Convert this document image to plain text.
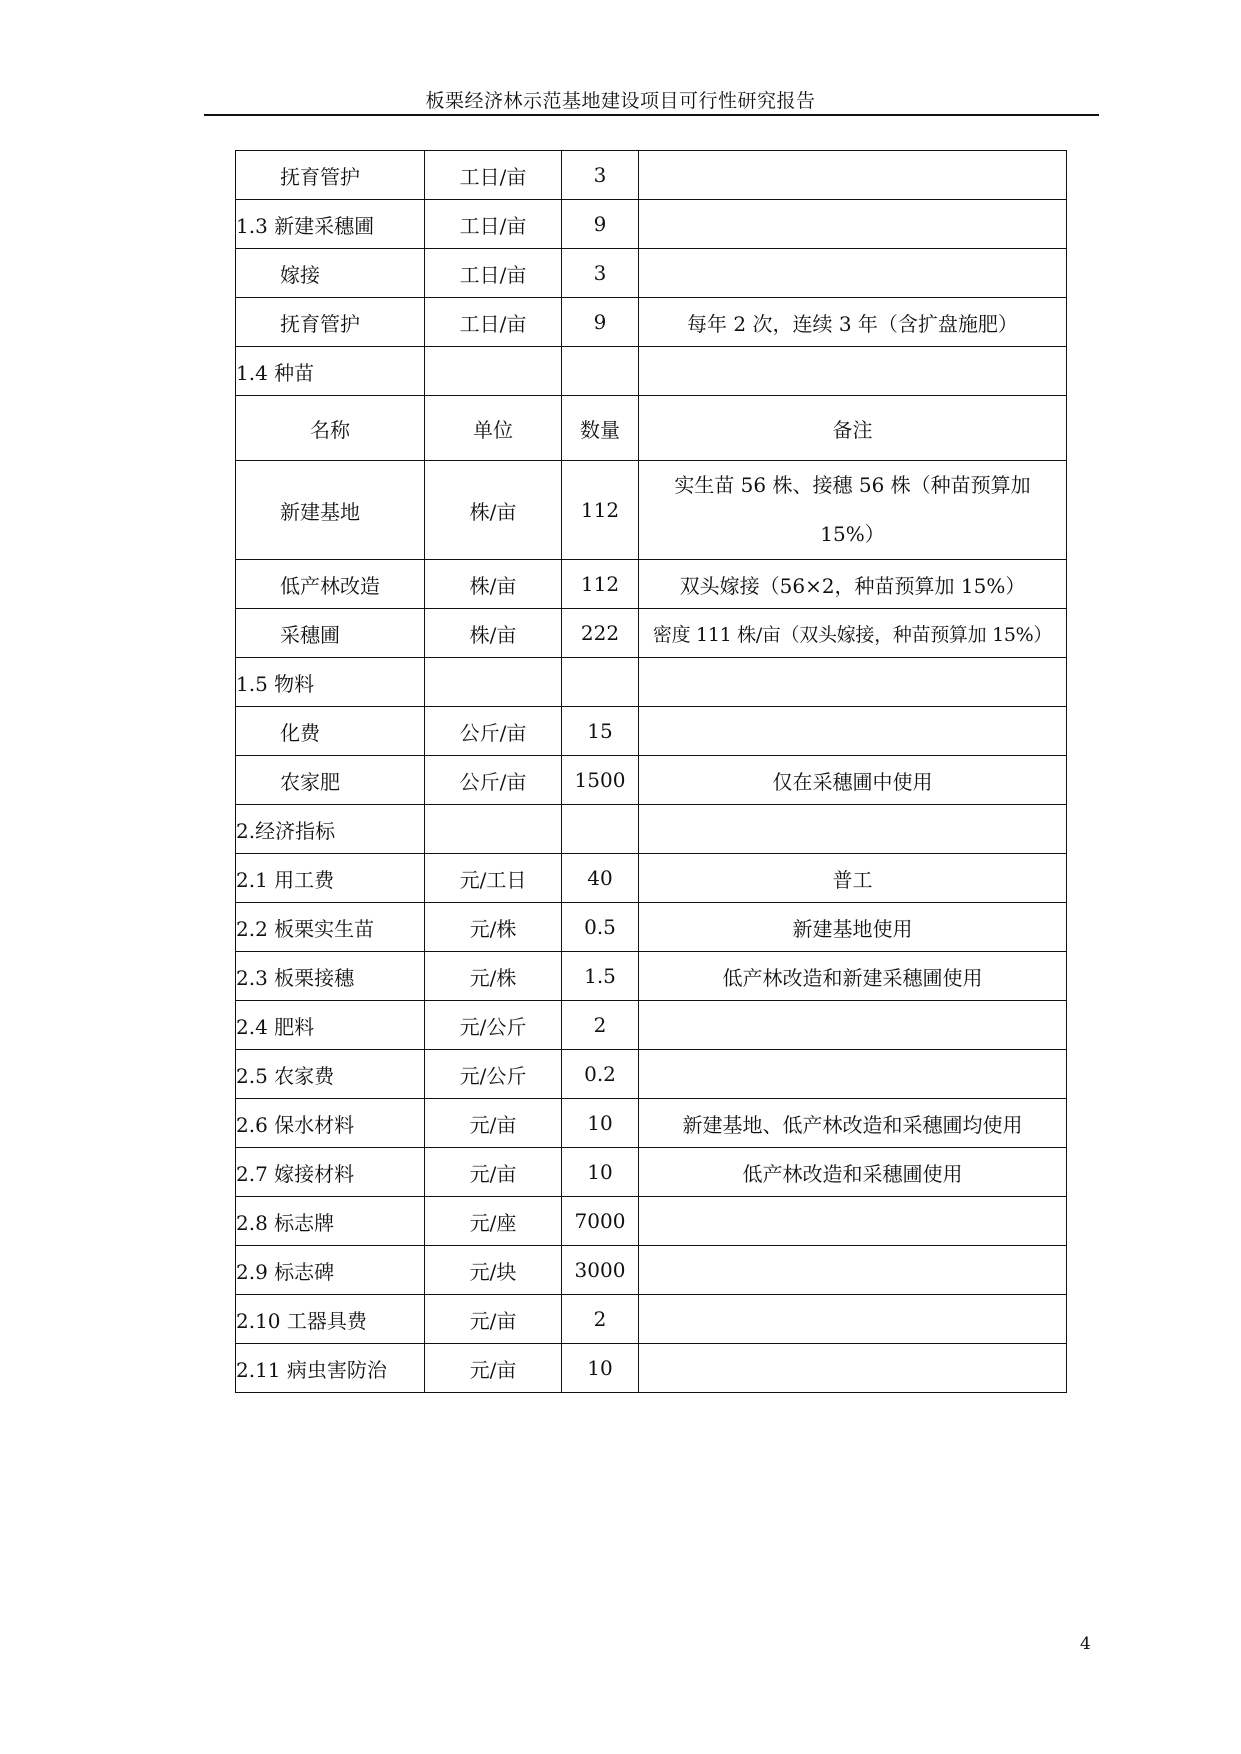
板栗经济林示范基地建设项目可行性研究报告
抚育管护	工日/亩	3	
1.3 新建采穗圃	工日/亩	9	
嫁接	工日/亩	3	
抚育管护	工日/亩	9	每年 2 次，连续 3 年（含扩盘施肥）
1.4 种苗			
名称	单位	数量	备注
新建基地	株/亩	112	实生苗 56 株、接穗 56 株（种苗预算加 15%）
低产林改造	株/亩	112	双头嫁接（56×2，种苗预算加 15%）
采穗圃	株/亩	222	密度 111 株/亩（双头嫁接，种苗预算加 15%）
1.5 物料			
化费	公斤/亩	15	
农家肥	公斤/亩	1500	仅在采穗圃中使用
2.经济指标			
2.1 用工费	元/工日	40	普工
2.2 板栗实生苗	元/株	0.5	新建基地使用
2.3 板栗接穗	元/株	1.5	低产林改造和新建采穗圃使用
2.4 肥料	元/公斤	2	
2.5 农家费	元/公斤	0.2	
2.6 保水材料	元/亩	10	新建基地、低产林改造和采穗圃均使用
2.7 嫁接材料	元/亩	10	低产林改造和采穗圃使用
2.8 标志牌	元/座	7000	
2.9 标志碑	元/块	3000	
2.10 工器具费	元/亩	2	
2.11 病虫害防治	元/亩	10	
4
